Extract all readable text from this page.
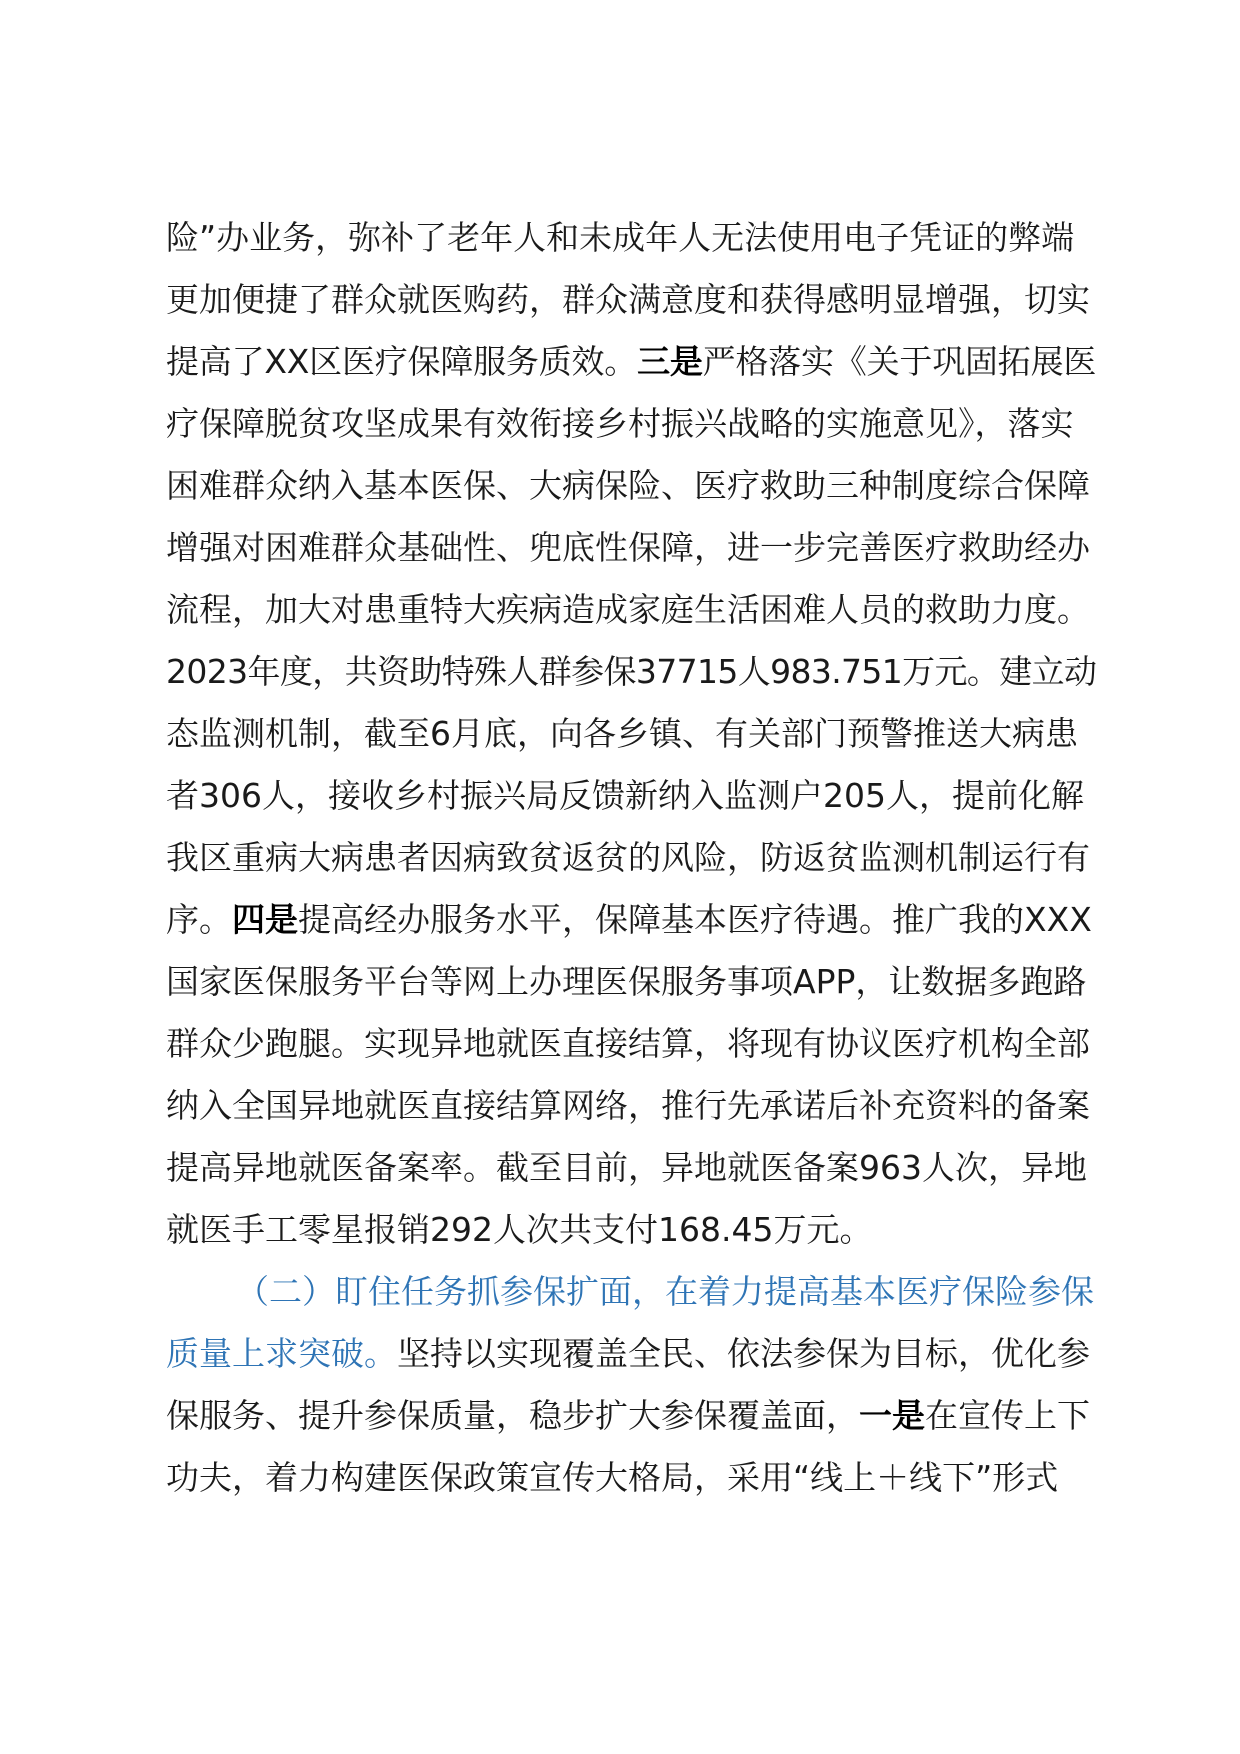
险”办业务，弥补了老年人和未成年人无法使用电子凭证的弊端
更加便捷了群众就医购药，群众满意度和获得感明显增强，切实
提高了XX区医疗保障服务质效。三是严格落实《关于巩固拓展医
疗保障脱贫攻坚成果有效衔接乡村振兴战略的实施意见》，落实
困难群众纳入基本医保、大病保险、医疗救助三种制度综合保障
增强对困难群众基础性、兜底性保障，进一步完善医疗救助经办
流程，加大对患重特大疾病造成家庭生活困难人员的救助力度。
2023年度，共资助特殊人群参保37715人983.751万元。建立动
态监测机制，截至6月底，向各乡镇、有关部门预警推送大病患
者306人，接收乡村振兴局反馈新纳入监测户205人，提前化解
我区重病大病患者因病致贫返贫的风险，防返贫监测机制运行有
序。四是提高经办服务水平，保障基本医疗待遇。推广我的XXX
国家医保服务平台等网上办理医保服务事项APP，让数据多跑路
群众少跑腿。实现异地就医直接结算，将现有协议医疗机构全部
纳入全国异地就医直接结算网络，推行先承诺后补充资料的备案
提高异地就医备案率。截至目前，异地就医备案963人次，异地
就医手工零星报销292人次共支付168.45万元。
（二）盯住任务抓参保扩面，在着力提高基本医疗保险参保
质量上求突破。坚持以实现覆盖全民、依法参保为目标，优化参
保服务、提升参保质量，稳步扩大参保覆盖面，一是在宣传上下
功夫，着力构建医保政策宣传大格局，采用“线上＋线下”形式
